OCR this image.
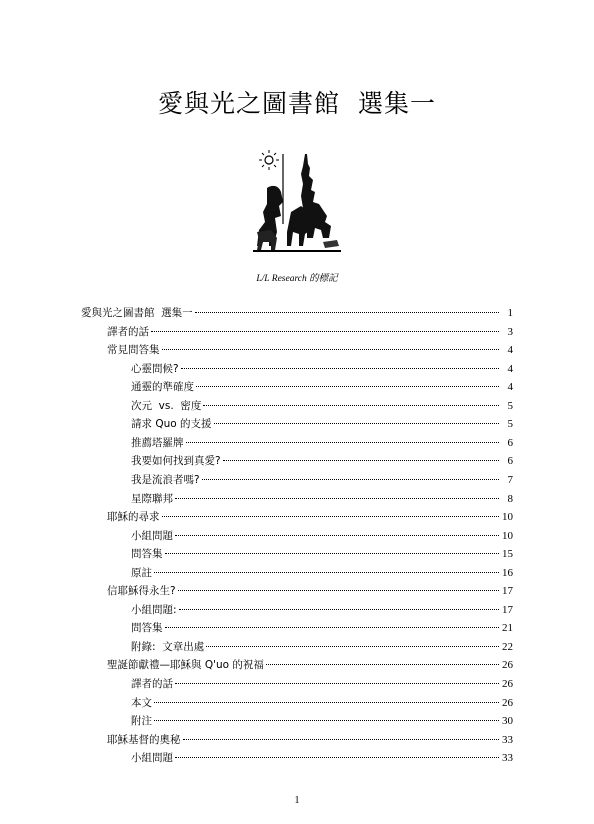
愛與光之圖書館  選集一
L/L Research 的標記
愛與光之圖書館  選集一	1
譯者的話	3
常見問答集	4
心靈問候?	4
通靈的準確度	4
次元  vs.  密度	5
請求 Quo 的支援	5
推薦塔羅牌	6
我要如何找到真愛?	6
我是流浪者嗎?	7
星際聯邦	8
耶穌的尋求	10
小組問題	10
問答集	15
原註	16
信耶穌得永生?	17
小組問題:	17
問答集	21
附錄:  文章出處	22
聖誕節獻禮—耶穌與 Q'uo 的祝福	26
譯者的話	26
本文	26
附注	30
耶穌基督的奧秘	33
小組問題	33
1
